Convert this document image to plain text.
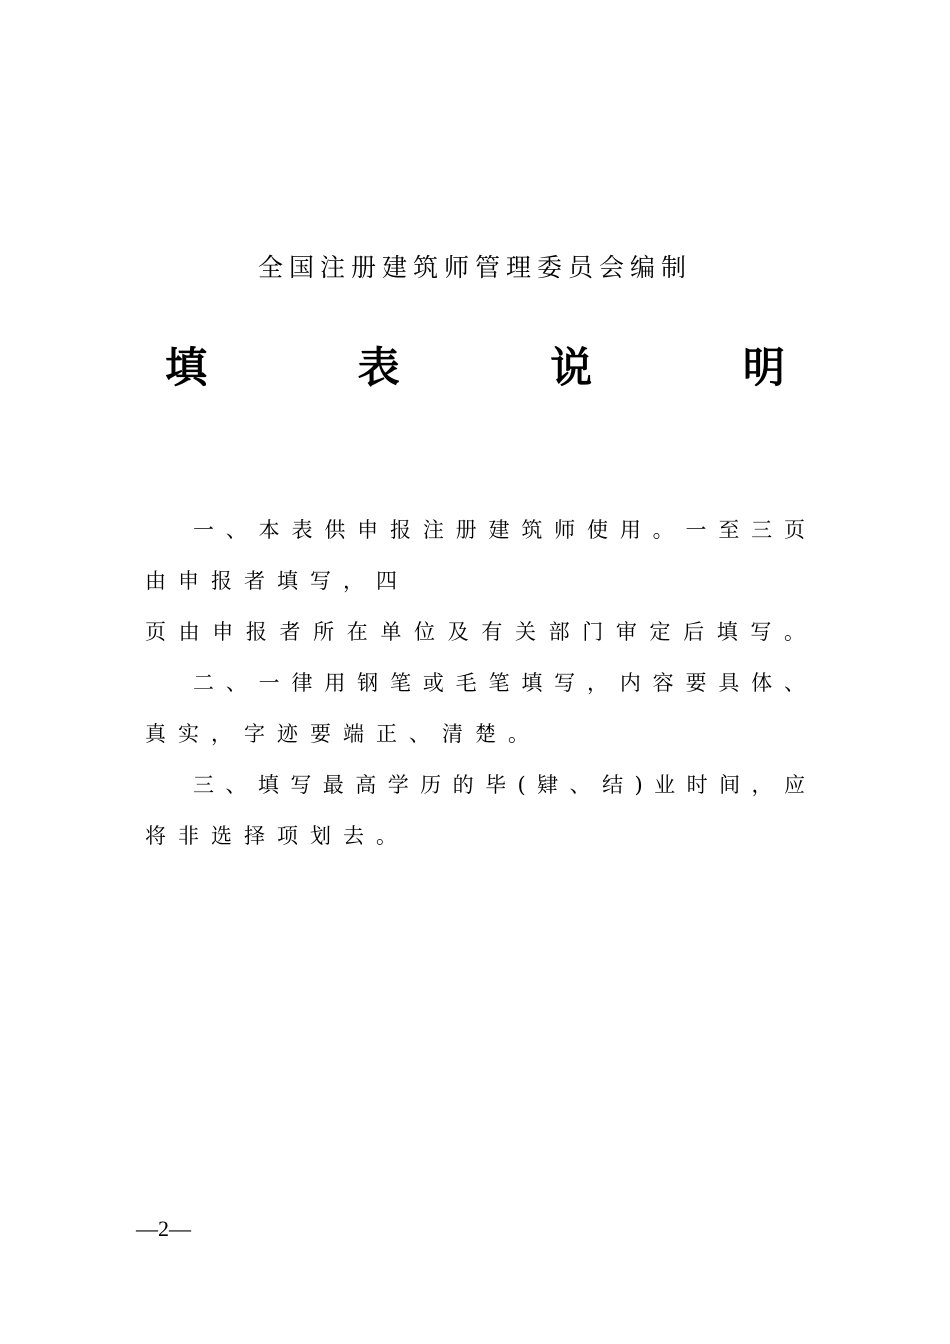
全国注册建筑师管理委员会编制
填 表 说 明
一、本表供申报注册建筑师使用。一至三页
由申报者填写，四
页由申报者所在单位及有关部门审定后填写。
二、一律用钢笔或毛笔填写，内容要具体、
真实，字迹要端正、清楚。
三、填写最高学历的毕(肄、结)业时间，应
将非选择项划去。
—2—
